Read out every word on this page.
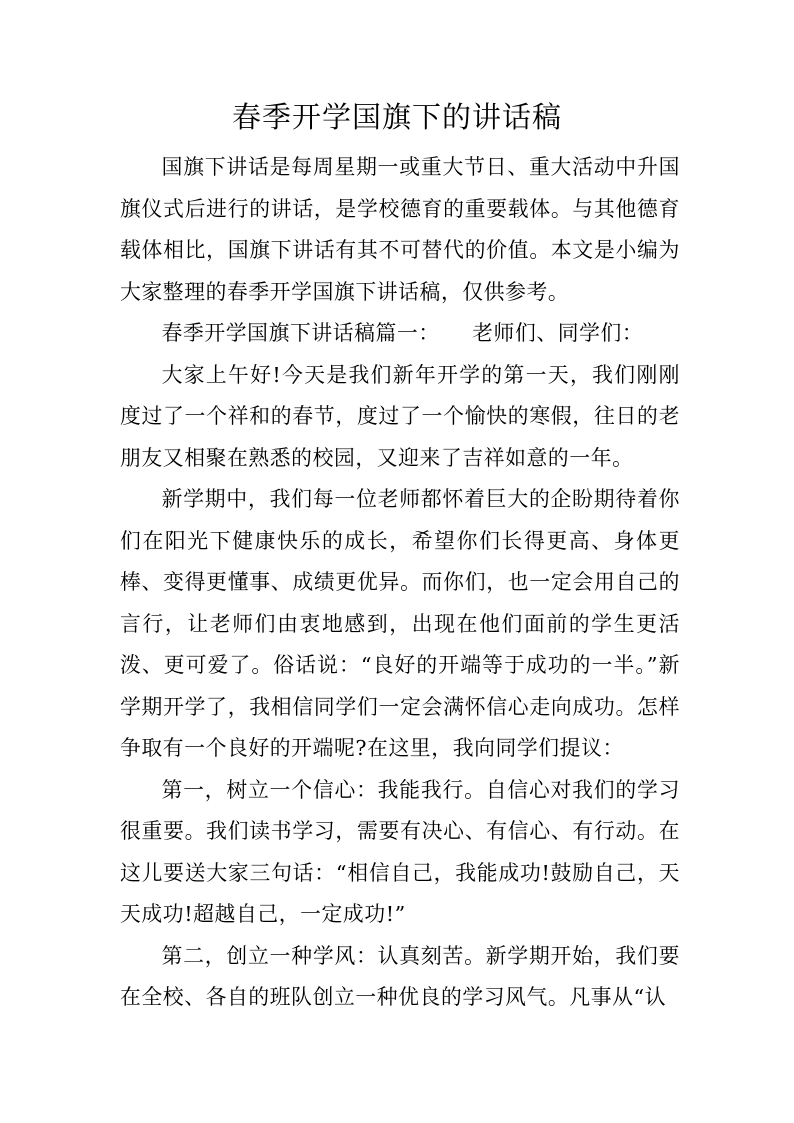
春季开学国旗下的讲话稿

国旗下讲话是每周星期一或重大节日、重大活动中升国旗仪式后进行的讲话，是学校德育的重要载体。与其他德育载体相比，国旗下讲话有其不可替代的价值。本文是小编为大家整理的春季开学国旗下讲话稿，仅供参考。

春季开学国旗下讲话稿篇一：　　老师们、同学们：

大家上午好!今天是我们新年开学的第一天，我们刚刚度过了一个祥和的春节，度过了一个愉快的寒假，往日的老朋友又相聚在熟悉的校园，又迎来了吉祥如意的一年。

新学期中，我们每一位老师都怀着巨大的企盼期待着你们在阳光下健康快乐的成长，希望你们长得更高、身体更棒、变得更懂事、成绩更优异。而你们，也一定会用自己的言行，让老师们由衷地感到，出现在他们面前的学生更活泼、更可爱了。俗话说：“良好的开端等于成功的一半。”新学期开学了，我相信同学们一定会满怀信心走向成功。怎样争取有一个良好的开端呢?在这里，我向同学们提议：

第一，树立一个信心：我能我行。自信心对我们的学习很重要。我们读书学习，需要有决心、有信心、有行动。在这儿要送大家三句话：“相信自己，我能成功!鼓励自己，天天成功!超越自己，一定成功!”

第二，创立一种学风：认真刻苦。新学期开始，我们要在全校、各自的班队创立一种优良的学习风气。凡事从“认
